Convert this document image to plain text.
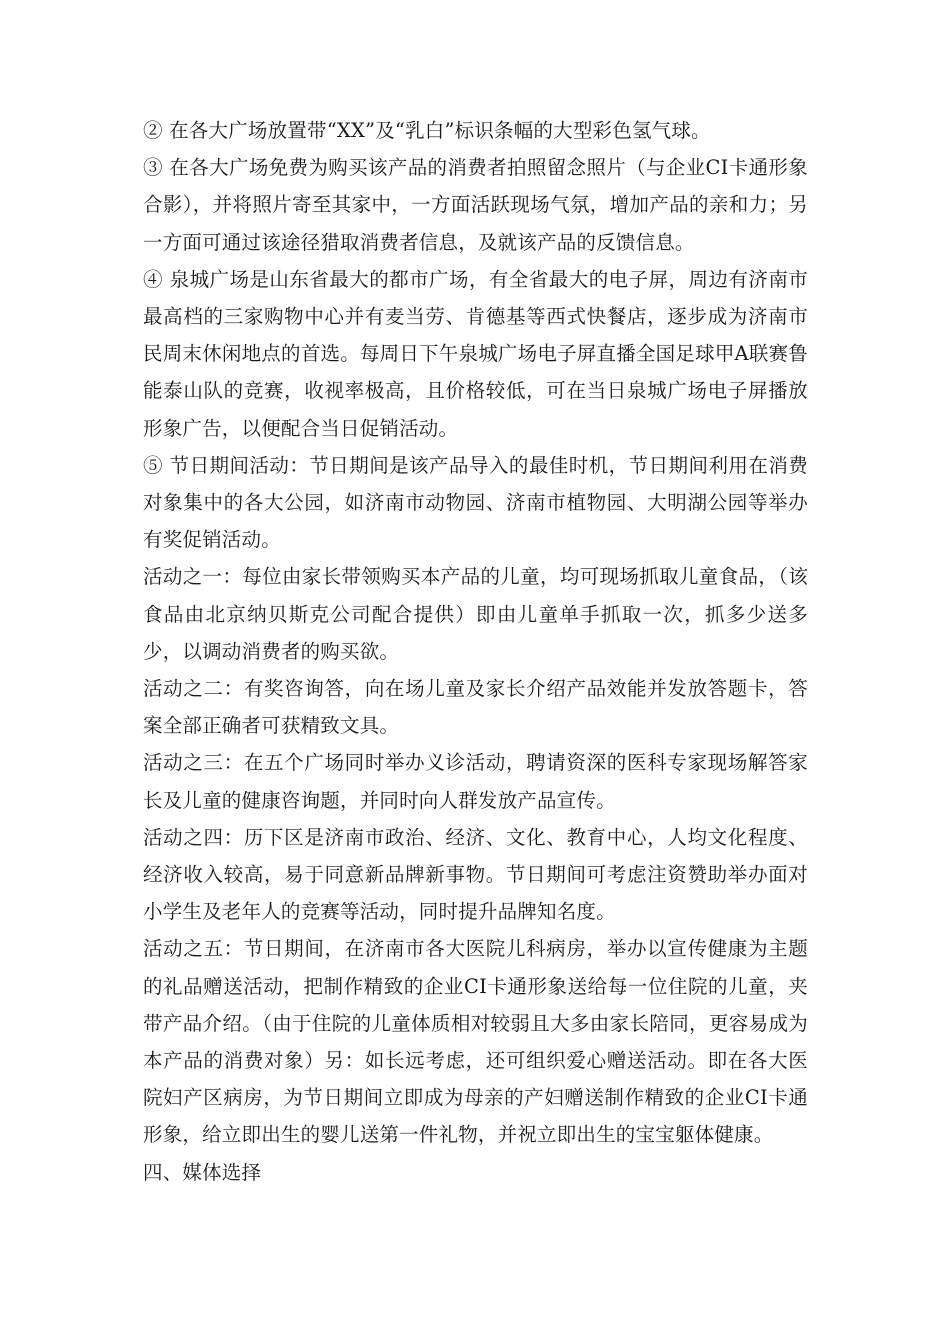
② 在各大广场放置带“XX”及“乳白”标识条幅的大型彩色氢气球。

③ 在各大广场免费为购买该产品的消费者拍照留念照片（与企业CI卡通形象合影），并将照片寄至其家中，一方面活跃现场气氛，增加产品的亲和力；另一方面可通过该途径猎取消费者信息，及就该产品的反馈信息。

④ 泉城广场是山东省最大的都市广场，有全省最大的电子屏，周边有济南市最高档的三家购物中心并有麦当劳、肯德基等西式快餐店，逐步成为济南市民周末休闲地点的首选。每周日下午泉城广场电子屏直播全国足球甲A联赛鲁能泰山队的竞赛，收视率极高，且价格较低，可在当日泉城广场电子屏播放形象广告，以便配合当日促销活动。

⑤ 节日期间活动：节日期间是该产品导入的最佳时机，节日期间利用在消费对象集中的各大公园，如济南市动物园、济南市植物园、大明湖公园等举办有奖促销活动。

活动之一：每位由家长带领购买本产品的儿童，均可现场抓取儿童食品，（该食品由北京纳贝斯克公司配合提供）即由儿童单手抓取一次，抓多少送多少，以调动消费者的购买欲。

活动之二：有奖咨询答，向在场儿童及家长介绍产品效能并发放答题卡，答案全部正确者可获精致文具。

活动之三：在五个广场同时举办义诊活动，聘请资深的医科专家现场解答家长及儿童的健康咨询题，并同时向人群发放产品宣传。

活动之四：历下区是济南市政治、经济、文化、教育中心，人均文化程度、经济收入较高，易于同意新品牌新事物。节日期间可考虑注资赞助举办面对小学生及老年人的竞赛等活动，同时提升品牌知名度。

活动之五：节日期间，在济南市各大医院儿科病房，举办以宣传健康为主题的礼品赠送活动，把制作精致的企业CI卡通形象送给每一位住院的儿童，夹带产品介绍。（由于住院的儿童体质相对较弱且大多由家长陪同，更容易成为本产品的消费对象）另：如长远考虑，还可组织爱心赠送活动。即在各大医院妇产区病房，为节日期间立即成为母亲的产妇赠送制作精致的企业CI卡通形象，给立即出生的婴儿送第一件礼物，并祝立即出生的宝宝躯体健康。

四、媒体选择
